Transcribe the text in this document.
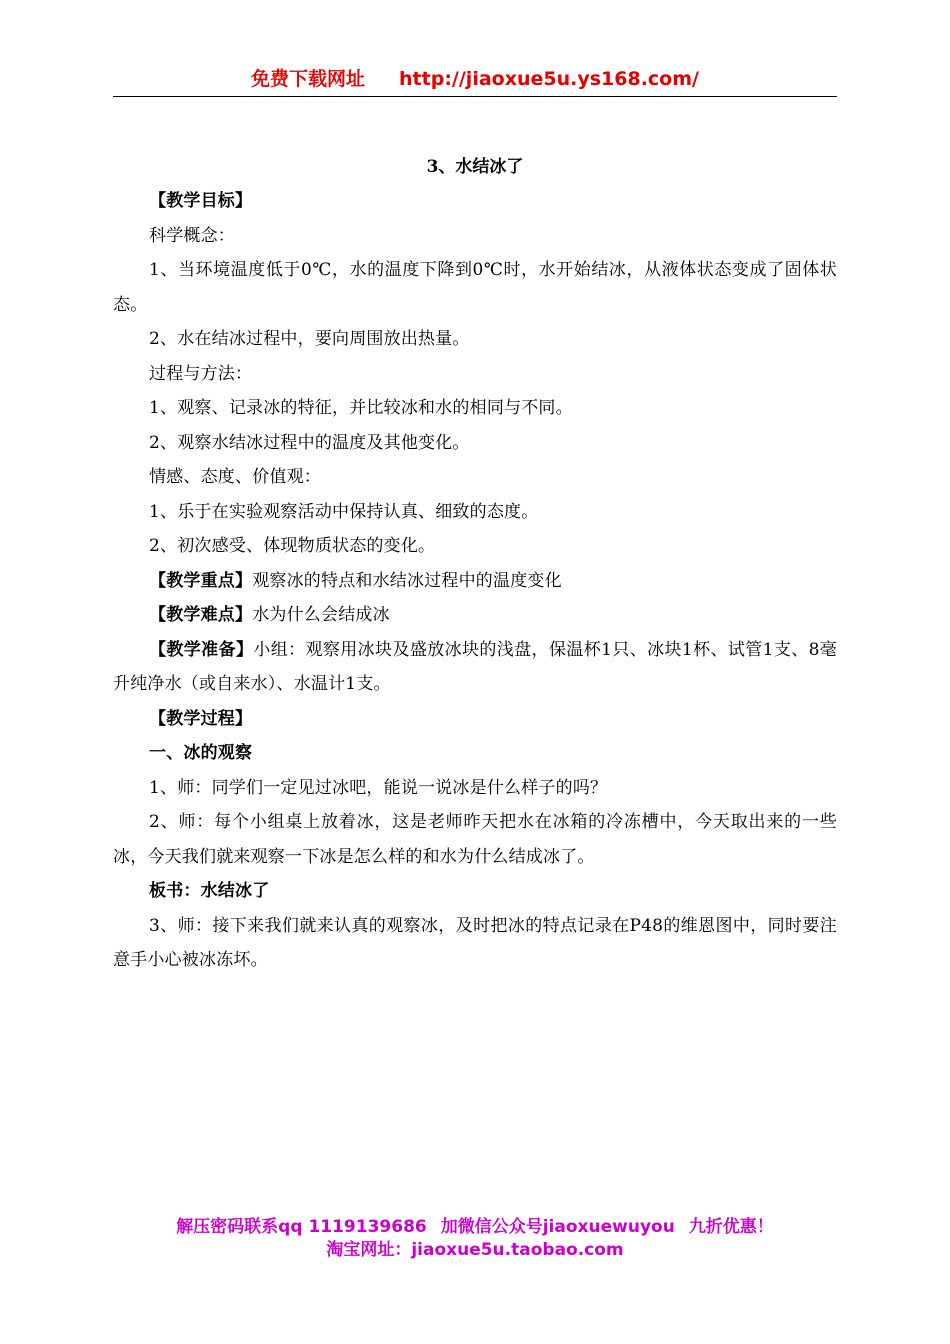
免费下载网址 http://jiaoxue5u.ys168.com/
3、水结冰了

【教学目标】

科学概念：

1、当环境温度低于0℃，水的温度下降到0℃时，水开始结冰，从液体状态变成了固体状态。

2、水在结冰过程中，要向周围放出热量。

过程与方法：

1、观察、记录冰的特征，并比较冰和水的相同与不同。

2、观察水结冰过程中的温度及其他变化。

情感、态度、价值观：

1、乐于在实验观察活动中保持认真、细致的态度。

2、初次感受、体现物质状态的变化。

【教学重点】观察冰的特点和水结冰过程中的温度变化

【教学难点】水为什么会结成冰

【教学准备】小组：观察用冰块及盛放冰块的浅盘，保温杯1只、冰块1杯、试管1支、8毫升纯净水（或自来水）、水温计1支。

【教学过程】

一、冰的观察

1、师：同学们一定见过冰吧，能说一说冰是什么样子的吗？

2、师：每个小组桌上放着冰，这是老师昨天把水在冰箱的冷冻槽中，今天取出来的一些冰，今天我们就来观察一下冰是怎么样的和水为什么结成冰了。

板书：水结冰了

3、师：接下来我们就来认真的观察冰，及时把冰的特点记录在P48的维恩图中，同时要注意手小心被冰冻坏。

解压密码联系qq 1119139686 加微信公众号jiaoxuewuyou 九折优惠！
淘宝网址：jiaoxue5u.taobao.com
